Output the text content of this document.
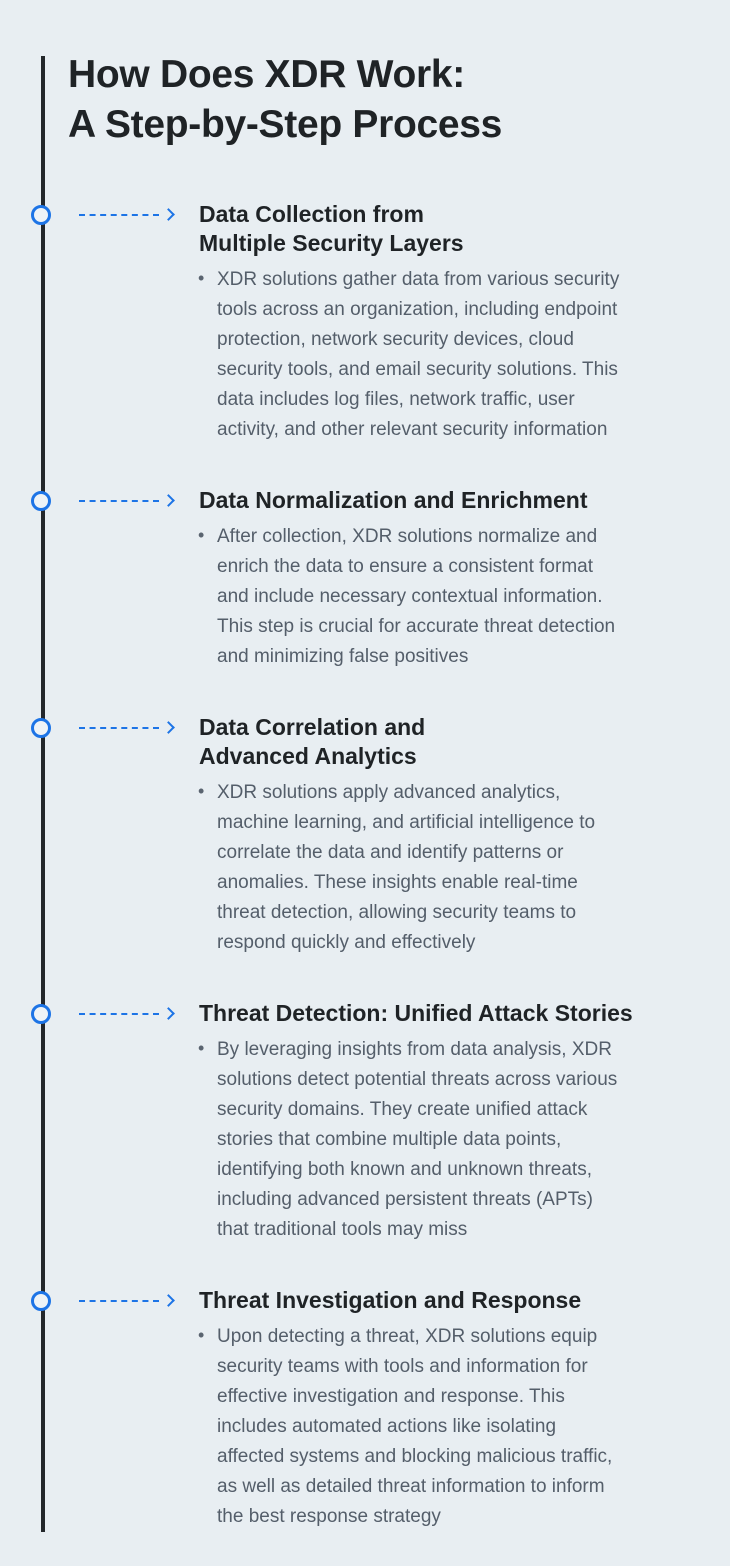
How Does XDR Work:
A Step-by-Step Process
Data Collection from
Multiple Security Layers
• XDR solutions gather data from various security
tools across an organization, including endpoint
protection, network security devices, cloud
security tools, and email security solutions. This
data includes log files, network traffic, user
activity, and other relevant security information

Data Normalization and Enrichment
• After collection, XDR solutions normalize and
enrich the data to ensure a consistent format
and include necessary contextual information.
This step is crucial for accurate threat detection
and minimizing false positives

Data Correlation and
Advanced Analytics
• XDR solutions apply advanced analytics,
machine learning, and artificial intelligence to
correlate the data and identify patterns or
anomalies. These insights enable real-time
threat detection, allowing security teams to
respond quickly and effectively

Threat Detection: Unified Attack Stories
• By leveraging insights from data analysis, XDR
solutions detect potential threats across various
security domains. They create unified attack
stories that combine multiple data points,
identifying both known and unknown threats,
including advanced persistent threats (APTs)
that traditional tools may miss

Threat Investigation and Response
• Upon detecting a threat, XDR solutions equip
security teams with tools and information for
effective investigation and response. This
includes automated actions like isolating
affected systems and blocking malicious traffic,
as well as detailed threat information to inform
the best response strategy
